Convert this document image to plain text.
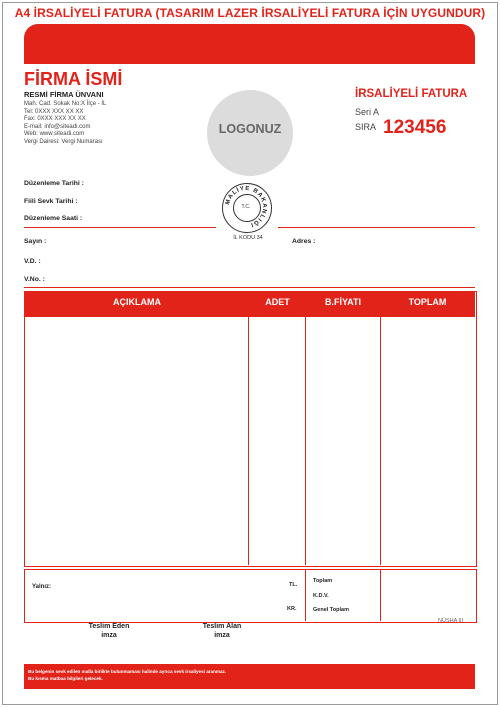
A4 İRSALİYELİ FATURA (TASARIM LAZER İRSALİYELİ FATURA İÇİN UYGUNDUR)
FİRMA İSMİ
RESMİ FİRMA ÜNVANI
Mah. Cad. Sokak No:X İlçe - İL
Tel: 0XXX XXX XX XX
Fax: 0XXX XXX XX XX
E-mail: info@siteadi.com
Web: www.siteadi.com
Vergi Dairesi: Vergi Numarası
LOGONUZ
İRSALİYELİ FATURA
Seri A
SIRA 123456
Düzenleme Tarihi :
Fiili Sevk Tarihi :
Düzenleme Saati :
MALİYE BAKANLIĞI
T.C.
İL KODU 34
Sayın :	Adres :
V.D. :
V.No. :
AÇIKLAMA	ADET	B.FİYATI	TOPLAM
Yalnız:	TL.
KR.
Toplam
K.D.V.
Genel Toplam
NÜSHA III
Teslim Eden
imza
Teslim Alan
imza
Bu belgenin sevk edilen malla birlikte bulunmaması halinde ayrıca sevk irsaliyesi aranmaz.
Bu kısma matbaa bilgileri gelecek.
